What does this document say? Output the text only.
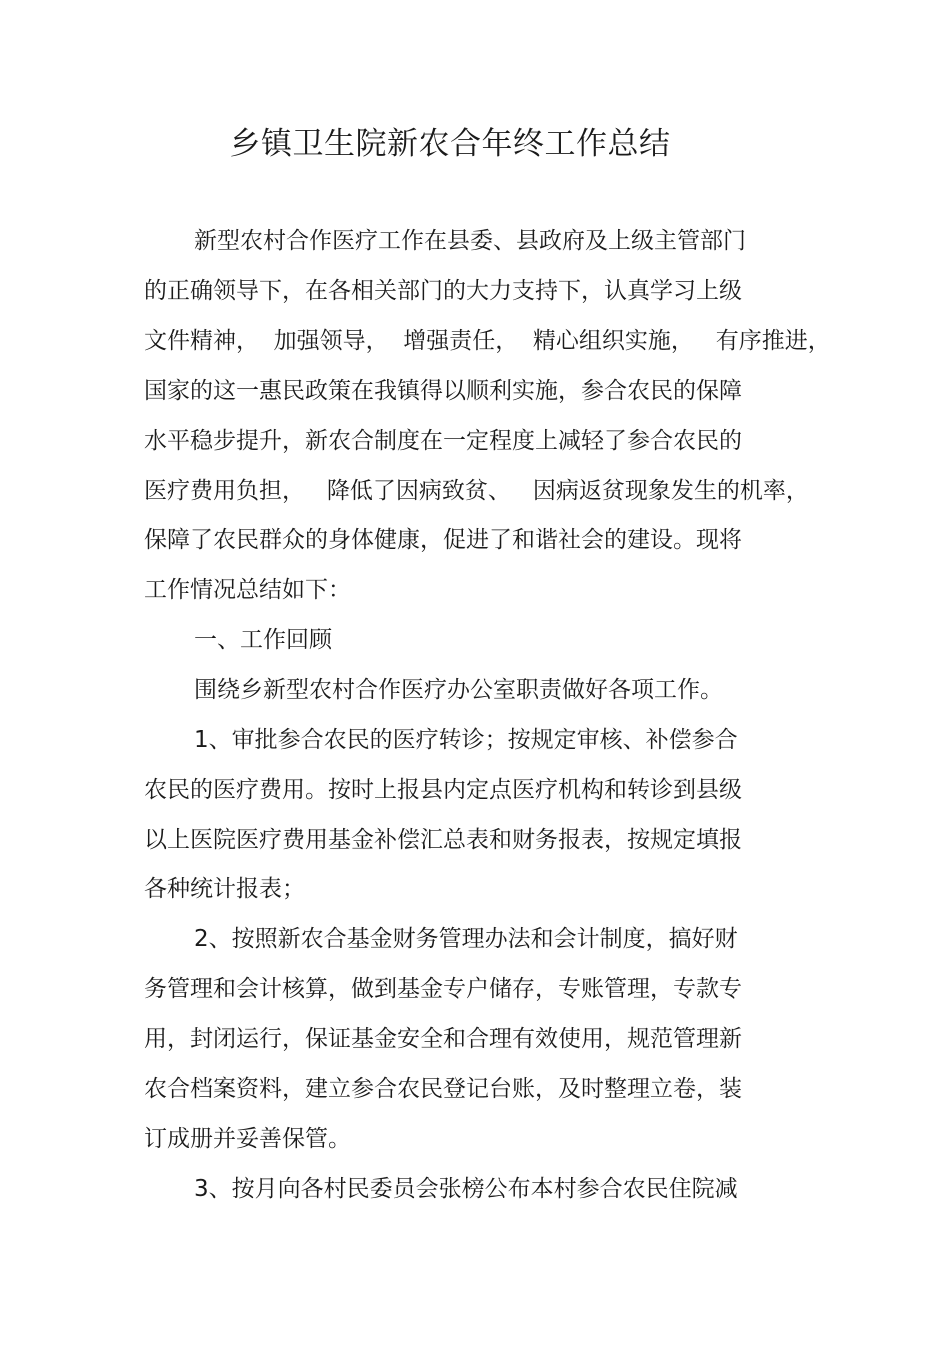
乡镇卫生院新农合年终工作总结

新型农村合作医疗工作在县委、县政府及上级主管部门

的正确领导下，在各相关部门的大力支持下，认真学习上级

文件精神，  加强领导，  增强责任，  精心组织实施，   有序推进，

国家的这一惠民政策在我镇得以顺利实施，参合农民的保障

水平稳步提升，新农合制度在一定程度上减轻了参合农民的

医疗费用负担，   降低了因病致贫、   因病返贫现象发生的机率，

保障了农民群众的身体健康，促进了和谐社会的建设。现将

工作情况总结如下：

一、工作回顾

围绕乡新型农村合作医疗办公室职责做好各项工作。

1、审批参合农民的医疗转诊；按规定审核、补偿参合

农民的医疗费用。按时上报县内定点医疗机构和转诊到县级

以上医院医疗费用基金补偿汇总表和财务报表，按规定填报

各种统计报表；

2、按照新农合基金财务管理办法和会计制度，搞好财

务管理和会计核算，做到基金专户储存，专账管理，专款专

用，封闭运行，保证基金安全和合理有效使用，规范管理新

农合档案资料，建立参合农民登记台账，及时整理立卷，装

订成册并妥善保管。

3、按月向各村民委员会张榜公布本村参合农民住院减
